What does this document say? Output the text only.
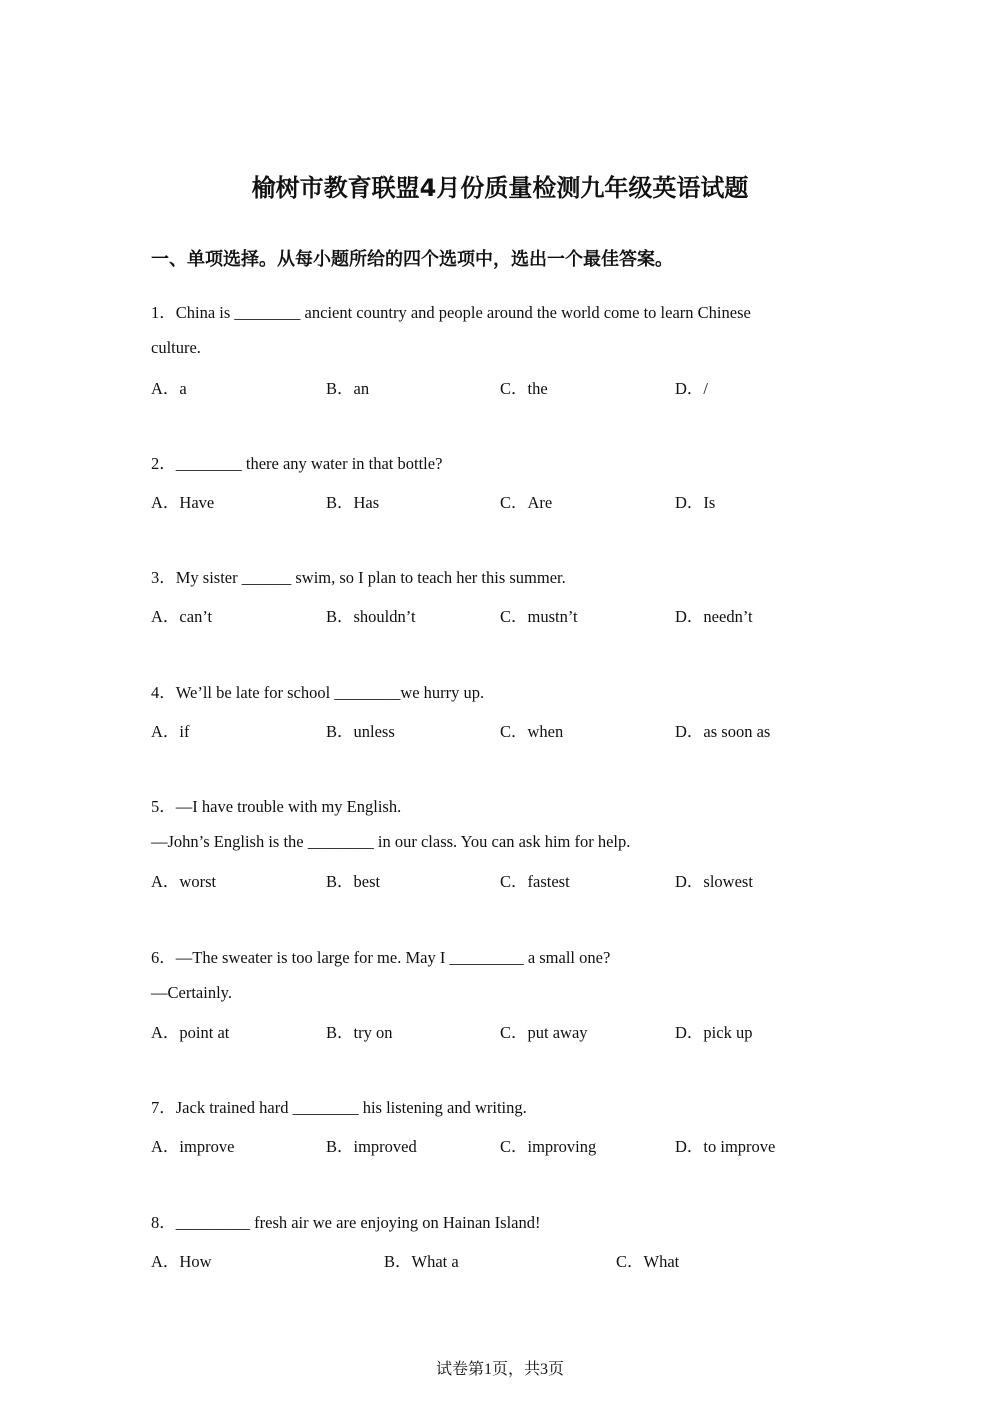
榆树市教育联盟4月份质量检测九年级英语试题
一、单项选择。从每小题所给的四个选项中，选出一个最佳答案。
1．China is ________ ancient country and people around the world come to learn Chinese
culture.
A．a	B．an	C．the	D．/
2．________ there any water in that bottle?
A．Have	B．Has	C．Are	D．Is
3．My sister ______ swim, so I plan to teach her this summer.
A．can’t	B．shouldn’t	C．mustn’t	D．needn’t
4．We’ll be late for school ________we hurry up.
A．if	B．unless	C．when	D．as soon as
5．—I have trouble with my English.
—John’s English is the ________ in our class. You can ask him for help.
A．worst	B．best	C．fastest	D．slowest
6．—The sweater is too large for me. May I _________ a small one?
—Certainly.
A．point at	B．try on	C．put away	D．pick up
7．Jack trained hard ________ his listening and writing.
A．improve	B．improved	C．improving	D．to improve
8．_________ fresh air we are enjoying on Hainan Island!
A．How	B．What a	C．What
试卷第1页，共3页
